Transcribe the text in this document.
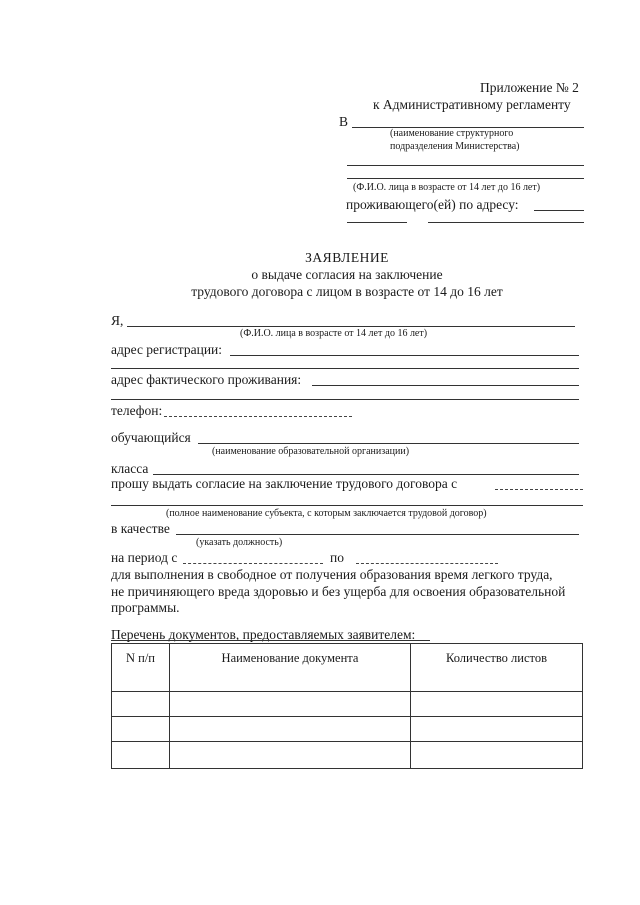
Приложение № 2
к Административному регламенту
В
(наименование структурного
подразделения Министерства)
(Ф.И.О. лица в возрасте от 14 лет до 16 лет)
проживающего(ей) по адресу:
ЗАЯВЛЕНИЕ
о выдаче согласия на заключение
трудового договора с лицом в возрасте от 14 до 16 лет
Я,
(Ф.И.О. лица в возрасте от 14 лет до 16 лет)
адрес регистрации:
адрес фактического проживания:
телефон:
обучающийся
(наименование образовательной организации)
класса
прошу выдать согласие на заключение трудового договора с
(полное наименование субъекта, с которым заключается трудовой договор)
в качестве
(указать должность)
на период с	по
для выполнения в свободное от получения образования время легкого труда,
не причиняющего вреда здоровью и без ущерба для освоения образовательной
программы.
Перечень документов, предоставляемых заявителем:
N п/п	Наименование документа	Количество листов
